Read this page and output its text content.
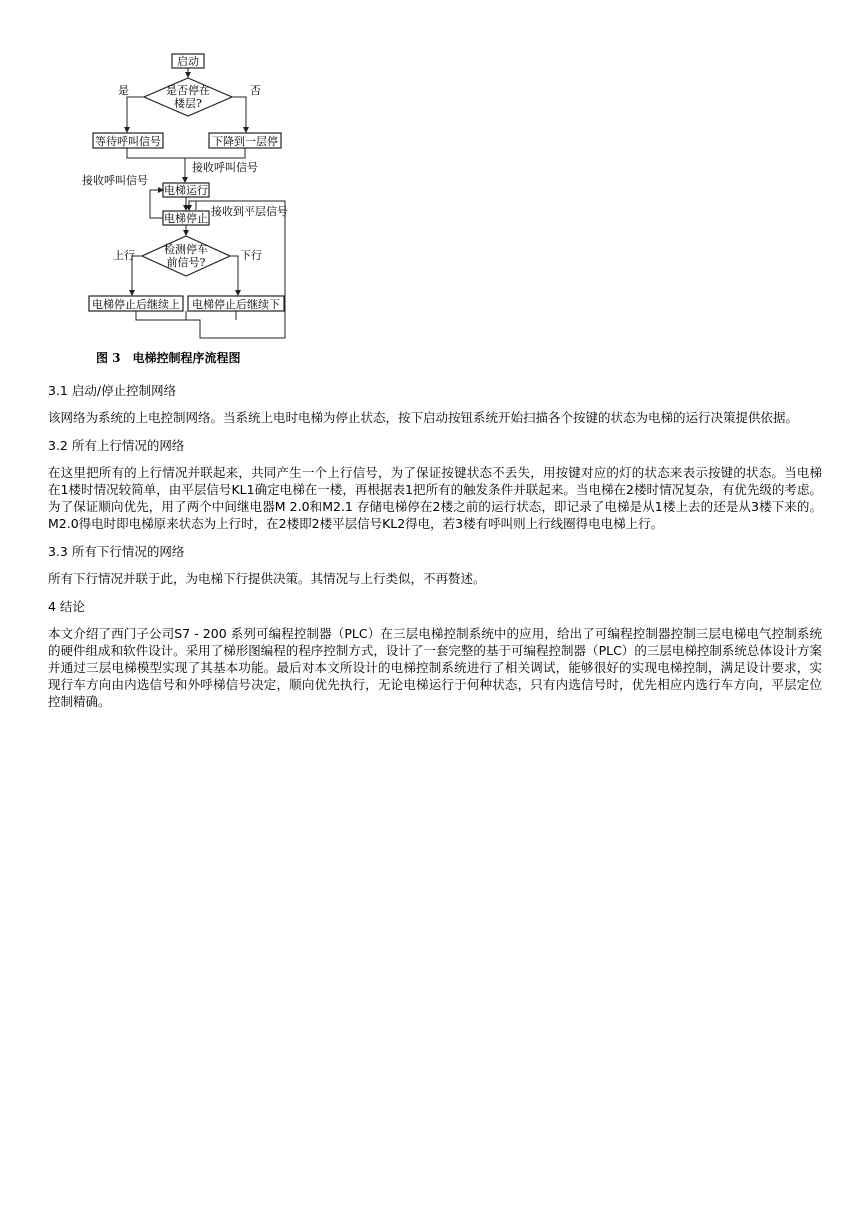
启动
是否停在
楼层?
是	否
等待呼叫信号	下降到一层停
接收呼叫信号
电梯运行
接收呼叫信号
电梯停止
接收到平层信号
检测停车
前信号?
上行	下行
电梯停止后继续上 电梯停止后继续下
图 3　电梯控制程序流程图

3.1 启动/停止控制网络

该网络为系统的上电控制网络。当系统上电时电梯为停止状态，按下启动按钮系统开始扫描各个按键的状态为电梯的运行决策提供依据。

3.2 所有上行情况的网络

在这里把所有的上行情况并联起来，共同产生一个上行信号，为了保证按键状态不丢失，用按键对应的灯的状态来表示按键的状态。当电梯在1楼时情况较简单，由平层信号KL1确定电梯在一楼，再根据表1把所有的触发条件并联起来。当电梯在2楼时情况复杂，有优先级的考虑。为了保证顺向优先，用了两个中间继电器M 2.0和M2.1 存储电梯停在2楼之前的运行状态，即记录了电梯是从1楼上去的还是从3楼下来的。M2.0得电时即电梯原来状态为上行时，在2楼即2楼平层信号KL2得电，若3楼有呼叫则上行线圈得电电梯上行。

3.3 所有下行情况的网络

所有下行情况并联于此，为电梯下行提供决策。其情况与上行类似，不再赘述。

4 结论

本文介绍了西门子公司S7 - 200 系列可编程控制器（PLC）在三层电梯控制系统中的应用，给出了可编程控制器控制三层电梯电气控制系统的硬件组成和软件设计。采用了梯形图编程的程序控制方式，设计了一套完整的基于可编程控制器（PLC）的三层电梯控制系统总体设计方案并通过三层电梯模型实现了其基本功能。最后对本文所设计的电梯控制系统进行了相关调试，能够很好的实现电梯控制，满足设计要求，实现行车方向由内选信号和外呼梯信号决定，顺向优先执行，无论电梯运行于何种状态，只有内选信号时，优先相应内选行车方向，平层定位控制精确。
